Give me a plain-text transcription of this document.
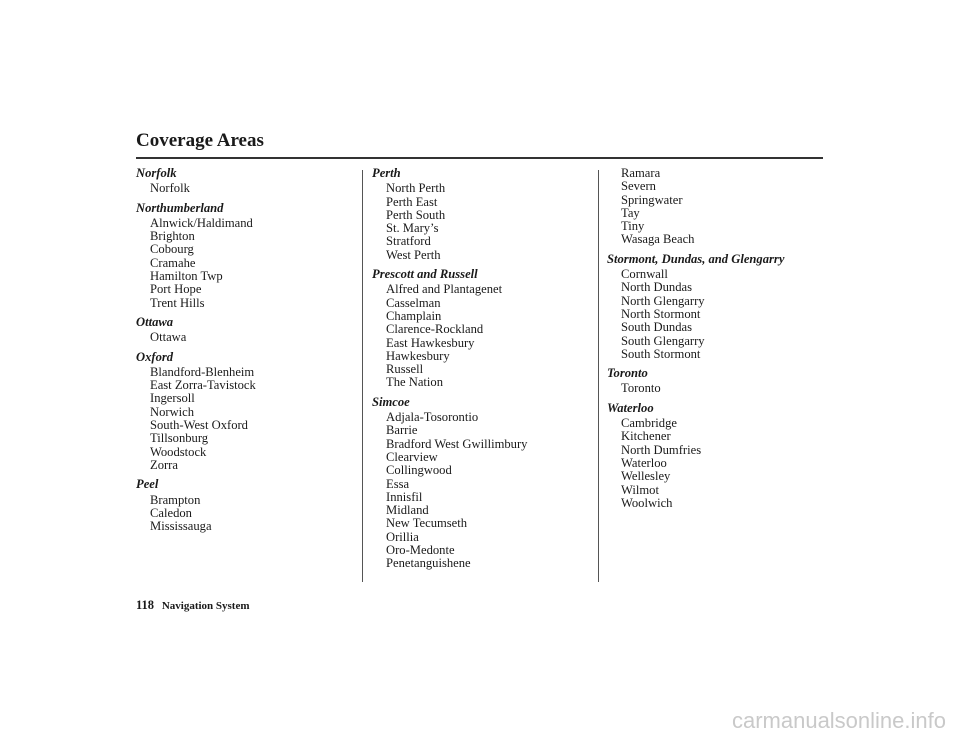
Coverage Areas
Norfolk
Norfolk
Northumberland
Alnwick/Haldimand
Brighton
Cobourg
Cramahe
Hamilton Twp
Port Hope
Trent Hills
Ottawa
Ottawa
Oxford
Blandford-Blenheim
East Zorra-Tavistock
Ingersoll
Norwich
South-West Oxford
Tillsonburg
Woodstock
Zorra
Peel
Brampton
Caledon
Mississauga
Perth
North Perth
Perth East
Perth South
St. Mary’s
Stratford
West Perth
Prescott and Russell
Alfred and Plantagenet
Casselman
Champlain
Clarence-Rockland
East Hawkesbury
Hawkesbury
Russell
The Nation
Simcoe
Adjala-Tosorontio
Barrie
Bradford West Gwillimbury
Clearview
Collingwood
Essa
Innisfil
Midland
New Tecumseth
Orillia
Oro-Medonte
Penetanguishene
Ramara
Severn
Springwater
Tay
Tiny
Wasaga Beach
Stormont, Dundas, and Glengarry
Cornwall
North Dundas
North Glengarry
North Stormont
South Dundas
South Glengarry
South Stormont
Toronto
Toronto
Waterloo
Cambridge
Kitchener
North Dumfries
Waterloo
Wellesley
Wilmot
Woolwich
118 Navigation System
carmanualsonline.info
